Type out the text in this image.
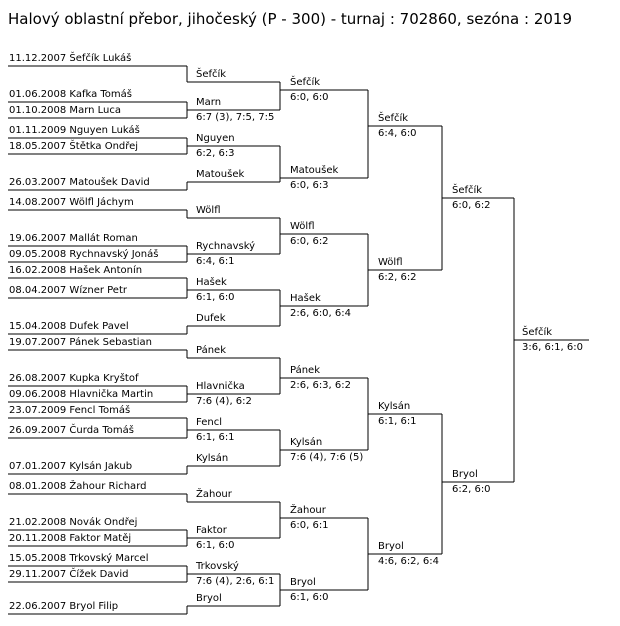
Halový oblastní přebor, jihočeský (P - 300) - turnaj : 702860, sezóna : 2019
11.12.2007 Šefčík Lukáš
01.06.2008 Kafka Tomáš
01.10.2008 Marn Luca
01.11.2009 Nguyen Lukáš
18.05.2007 Štětka Ondřej
26.03.2007 Matoušek David
14.08.2007 Wölfl Jáchym
19.06.2007 Mallát Roman
09.05.2008 Rychnavský Jonáš
16.02.2008 Hašek Antonín
08.04.2007 Wízner Petr
15.04.2008 Dufek Pavel
19.07.2007 Pánek Sebastian
26.08.2007 Kupka Kryštof
09.06.2008 Hlavnička Martin
23.07.2009 Fencl Tomáš
26.09.2007 Čurda Tomáš
07.01.2007 Kylsán Jakub
08.01.2008 Žahour Richard
21.02.2008 Novák Ondřej
20.11.2008 Faktor Matěj
15.05.2008 Trkovský Marcel
29.11.2007 Čížek David
22.06.2007 Bryol Filip
Šefčík
Marn
6:7 (3), 7:5, 7:5
Nguyen
6:2, 6:3
Matoušek
Wölfl
Rychnavský
6:4, 6:1
Hašek
6:1, 6:0
Dufek
Pánek
Hlavnička
7:6 (4), 6:2
Fencl
6:1, 6:1
Kylsán
Žahour
Faktor
6:1, 6:0
Trkovský
7:6 (4), 2:6, 6:1
Bryol
Šefčík
6:0, 6:0
Matoušek
6:0, 6:3
Wölfl
6:0, 6:2
Hašek
2:6, 6:0, 6:4
Pánek
2:6, 6:3, 6:2
Kylsán
7:6 (4), 7:6 (5)
Žahour
6:0, 6:1
Bryol
6:1, 6:0
Šefčík
6:4, 6:0
Wölfl
6:2, 6:2
Kylsán
6:1, 6:1
Bryol
4:6, 6:2, 6:4
Šefčík
6:0, 6:2
Bryol
6:2, 6:0
Šefčík
3:6, 6:1, 6:0
